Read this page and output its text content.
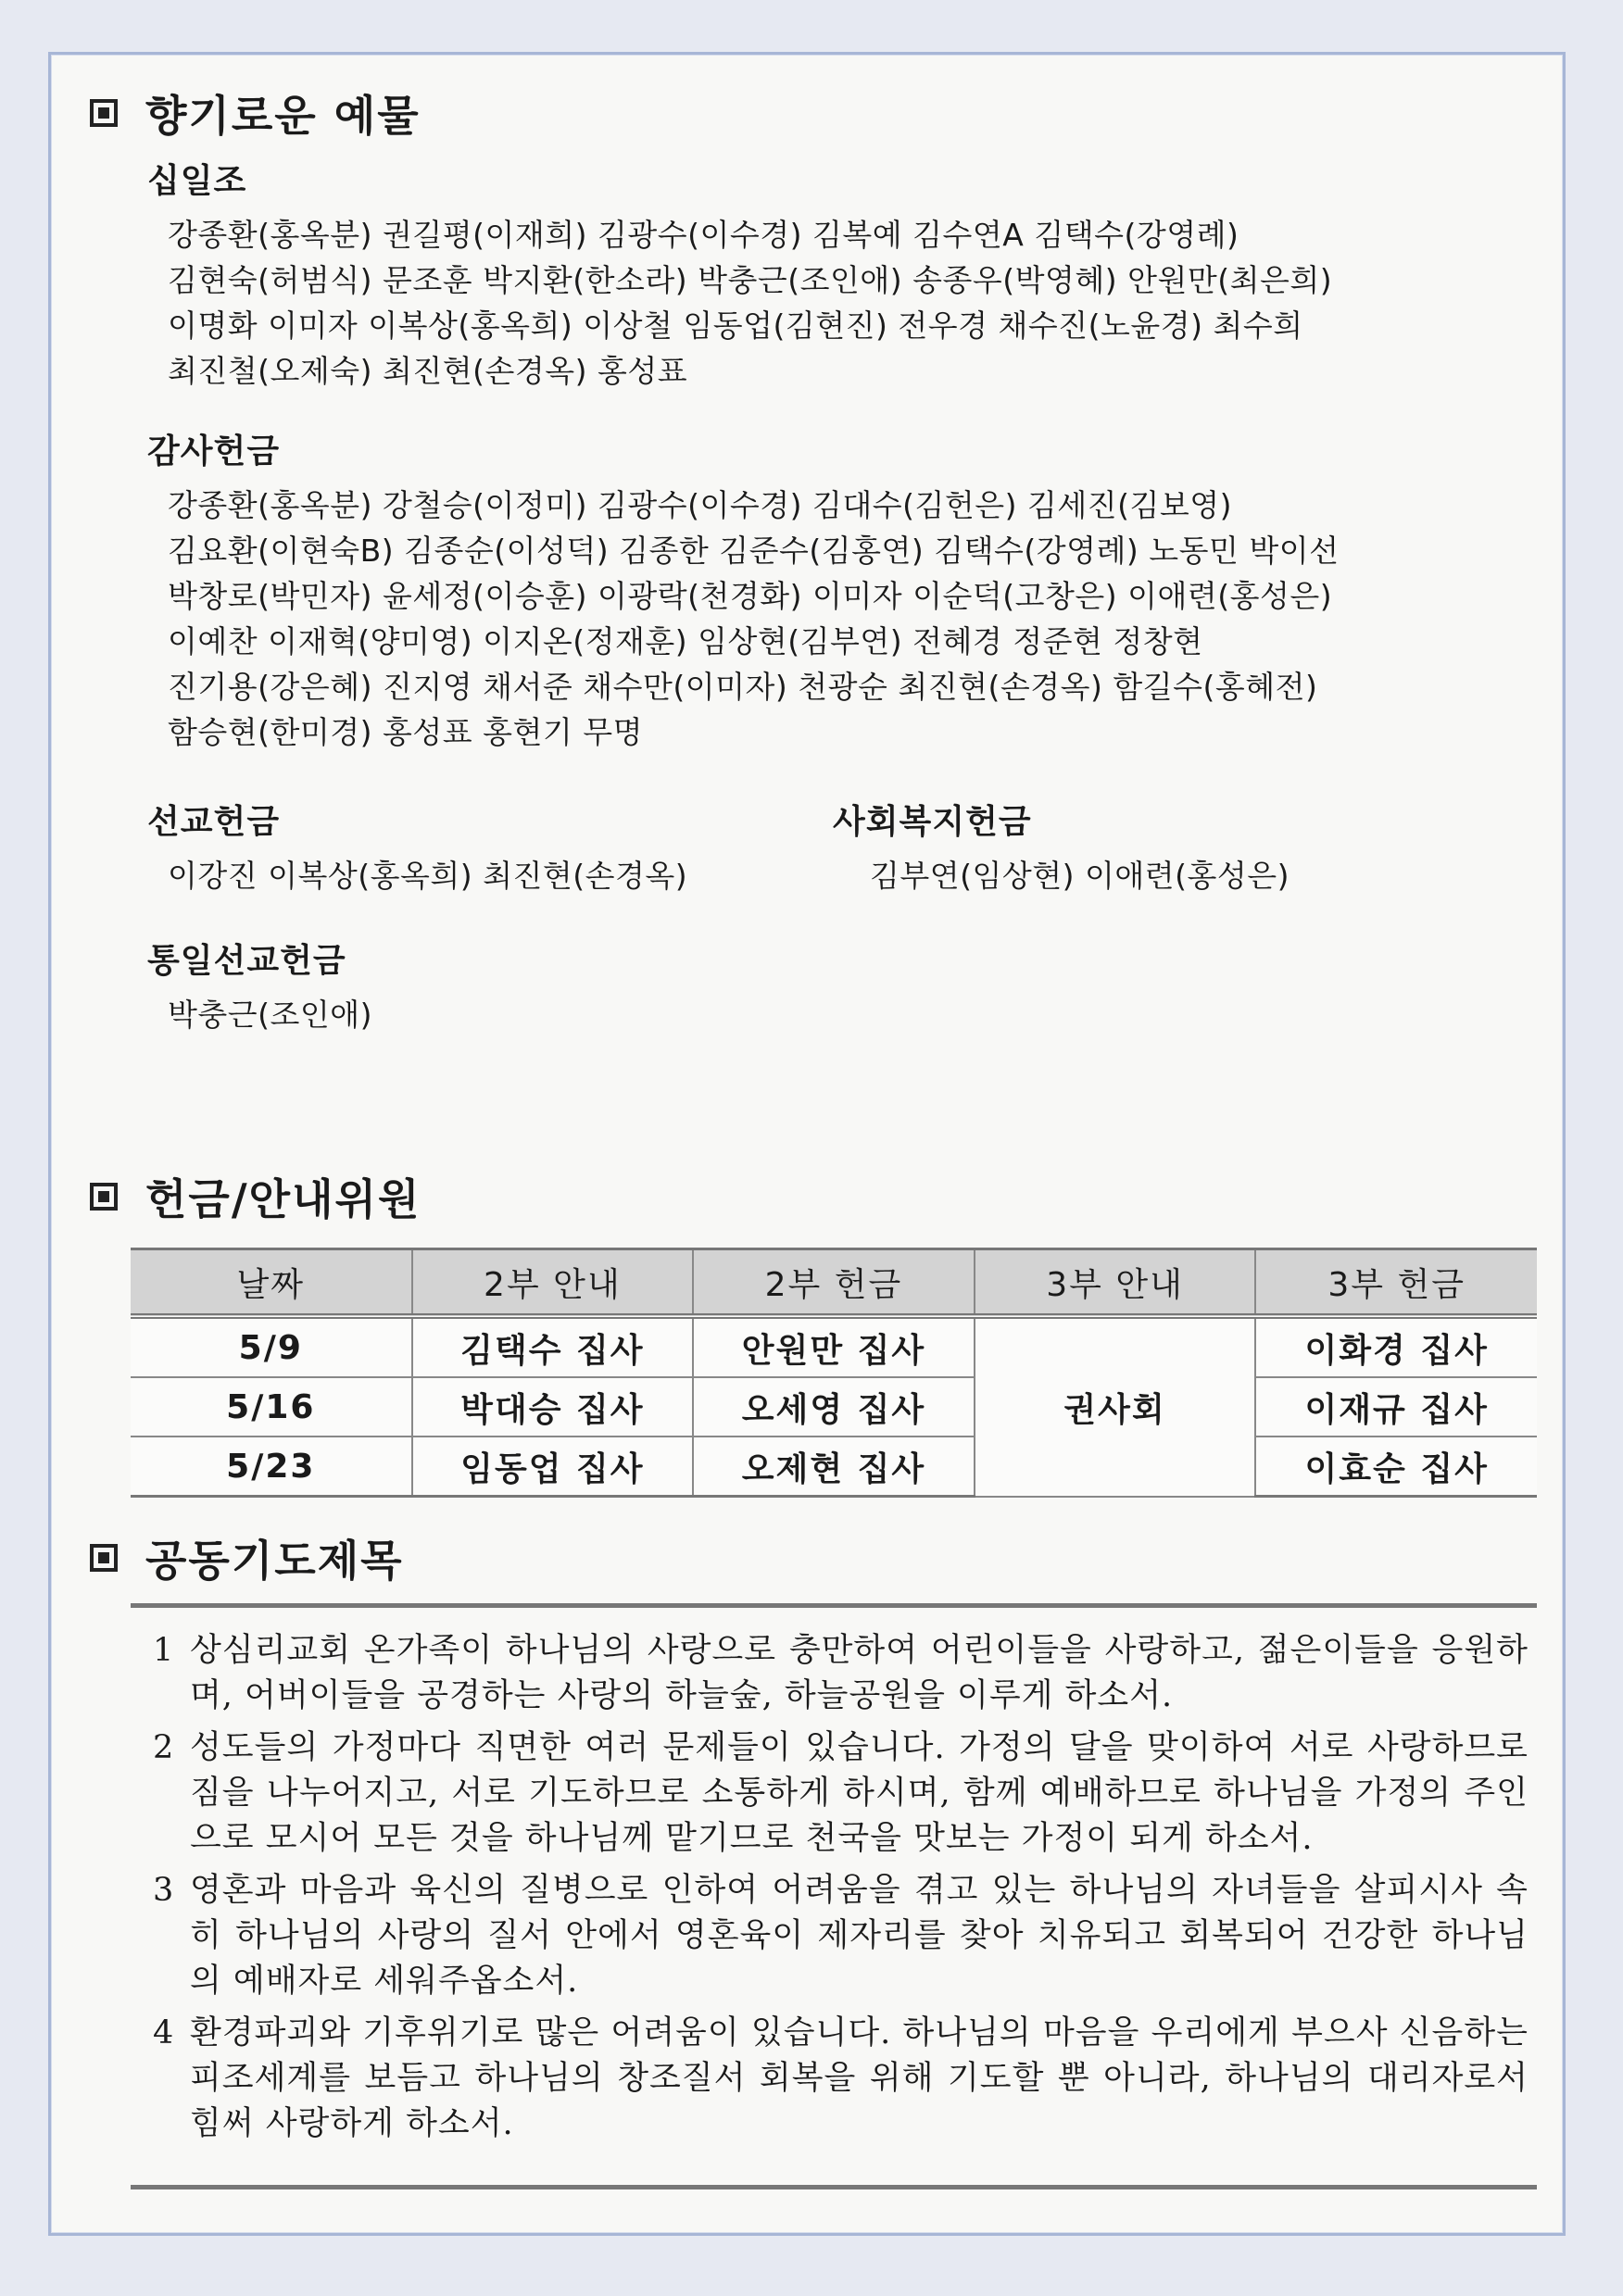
향기로운 예물
십일조
강종환(홍옥분) 권길평(이재희) 김광수(이수경) 김복예 김수연A 김택수(강영례)
김현숙(허범식) 문조훈 박지환(한소라) 박충근(조인애) 송종우(박영혜) 안원만(최은희)
이명화 이미자 이복상(홍옥희) 이상철 임동업(김현진) 전우경 채수진(노윤경) 최수희
최진철(오제숙) 최진현(손경옥) 홍성표
감사헌금
강종환(홍옥분) 강철승(이정미) 김광수(이수경) 김대수(김헌은) 김세진(김보영)
김요환(이현숙B) 김종순(이성덕) 김종한 김준수(김홍연) 김택수(강영례) 노동민 박이선
박창로(박민자) 윤세정(이승훈) 이광락(천경화) 이미자 이순덕(고창은) 이애련(홍성은)
이예찬 이재혁(양미영) 이지온(정재훈) 임상현(김부연) 전혜경 정준현 정창현
진기용(강은혜) 진지영 채서준 채수만(이미자) 천광순 최진현(손경옥) 함길수(홍혜전)
함승현(한미경) 홍성표 홍현기 무명
선교헌금
이강진 이복상(홍옥희) 최진현(손경옥)
사회복지헌금
김부연(임상현) 이애련(홍성은)
통일선교헌금
박충근(조인애)
헌금/안내위원
날짜	2부 안내	2부 헌금	3부 안내	3부 헌금
5/9	김택수 집사	안원만 집사	권사회	이화경 집사
5/16	박대승 집사	오세영 집사		이재규 집사
5/23	임동업 집사	오제현 집사		이효순 집사
공동기도제목
1 상심리교회 온가족이 하나님의 사랑으로 충만하여 어린이들을 사랑하고, 젊은이들을 응원하며, 어버이들을 공경하는 사랑의 하늘숲, 하늘공원을 이루게 하소서.
2 성도들의 가정마다 직면한 여러 문제들이 있습니다. 가정의 달을 맞이하여 서로 사랑하므로 짐을 나누어지고, 서로 기도하므로 소통하게 하시며, 함께 예배하므로 하나님을 가정의 주인으로 모시어 모든 것을 하나님께 맡기므로 천국을 맛보는 가정이 되게 하소서.
3 영혼과 마음과 육신의 질병으로 인하여 어려움을 겪고 있는 하나님의 자녀들을 살피시사 속히 하나님의 사랑의 질서 안에서 영혼육이 제자리를 찾아 치유되고 회복되어 건강한 하나님의 예배자로 세워주옵소서.
4 환경파괴와 기후위기로 많은 어려움이 있습니다. 하나님의 마음을 우리에게 부으사 신음하는 피조세계를 보듬고 하나님의 창조질서 회복을 위해 기도할 뿐 아니라, 하나님의 대리자로서 힘써 사랑하게 하소서.
